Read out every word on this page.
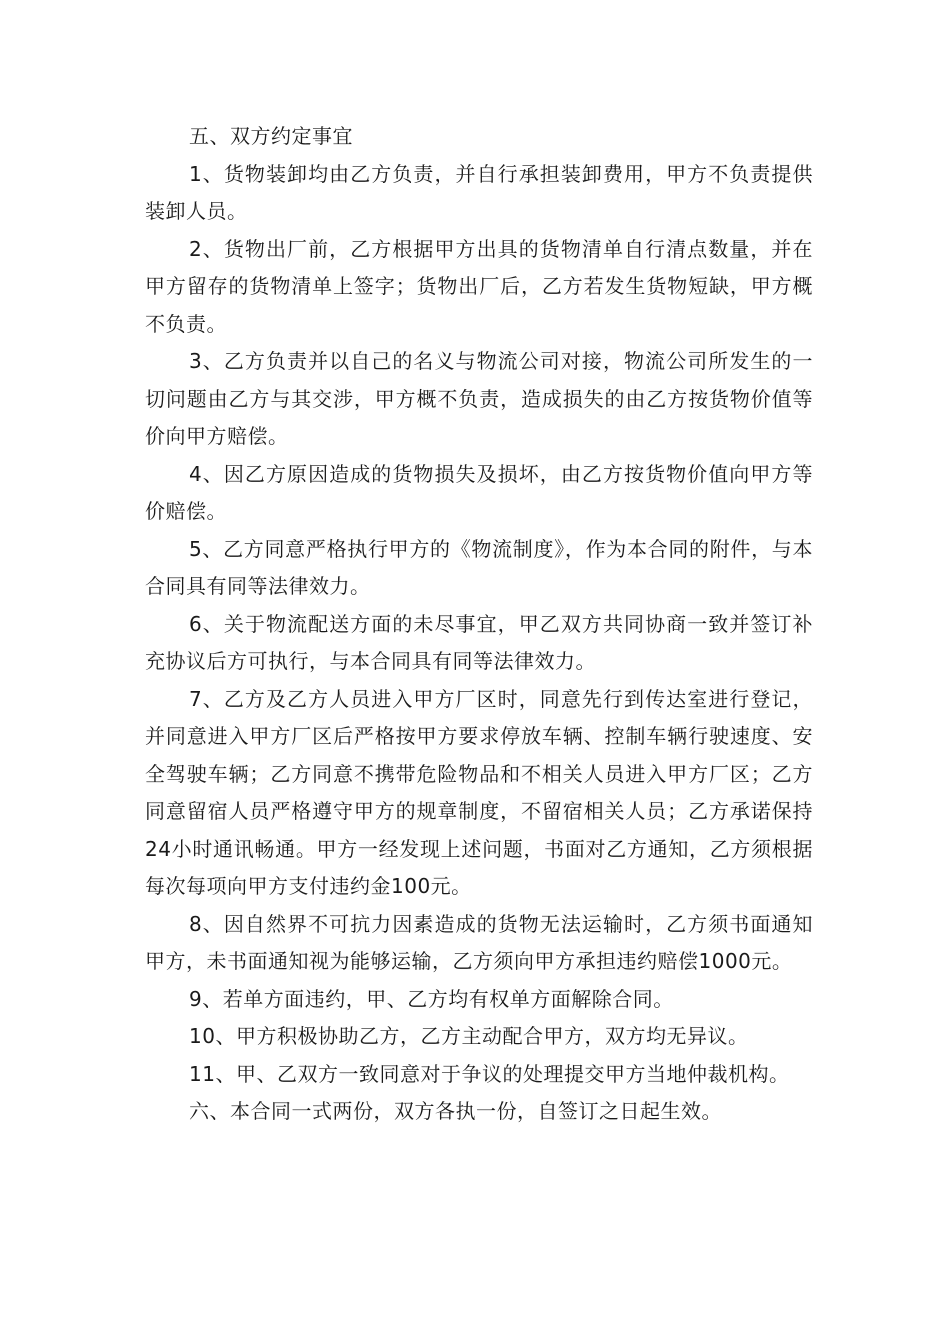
五、双方约定事宜

1、货物装卸均由乙方负责，并自行承担装卸费用，甲方不负责提供装卸人员。

2、货物出厂前，乙方根据甲方出具的货物清单自行清点数量，并在甲方留存的货物清单上签字；货物出厂后，乙方若发生货物短缺，甲方概不负责。

3、乙方负责并以自己的名义与物流公司对接，物流公司所发生的一切问题由乙方与其交涉，甲方概不负责，造成损失的由乙方按货物价值等价向甲方赔偿。

4、因乙方原因造成的货物损失及损坏，由乙方按货物价值向甲方等价赔偿。

5、乙方同意严格执行甲方的《物流制度》，作为本合同的附件，与本合同具有同等法律效力。

6、关于物流配送方面的未尽事宜，甲乙双方共同协商一致并签订补充协议后方可执行，与本合同具有同等法律效力。

7、乙方及乙方人员进入甲方厂区时，同意先行到传达室进行登记，并同意进入甲方厂区后严格按甲方要求停放车辆、控制车辆行驶速度、安全驾驶车辆；乙方同意不携带危险物品和不相关人员进入甲方厂区；乙方同意留宿人员严格遵守甲方的规章制度，不留宿相关人员；乙方承诺保持24小时通讯畅通。甲方一经发现上述问题，书面对乙方通知，乙方须根据每次每项向甲方支付违约金100元。

8、因自然界不可抗力因素造成的货物无法运输时，乙方须书面通知甲方，未书面通知视为能够运输，乙方须向甲方承担违约赔偿1000元。

9、若单方面违约，甲、乙方均有权单方面解除合同。

10、甲方积极协助乙方，乙方主动配合甲方，双方均无异议。

11、甲、乙双方一致同意对于争议的处理提交甲方当地仲裁机构。

六、本合同一式两份，双方各执一份，自签订之日起生效。
